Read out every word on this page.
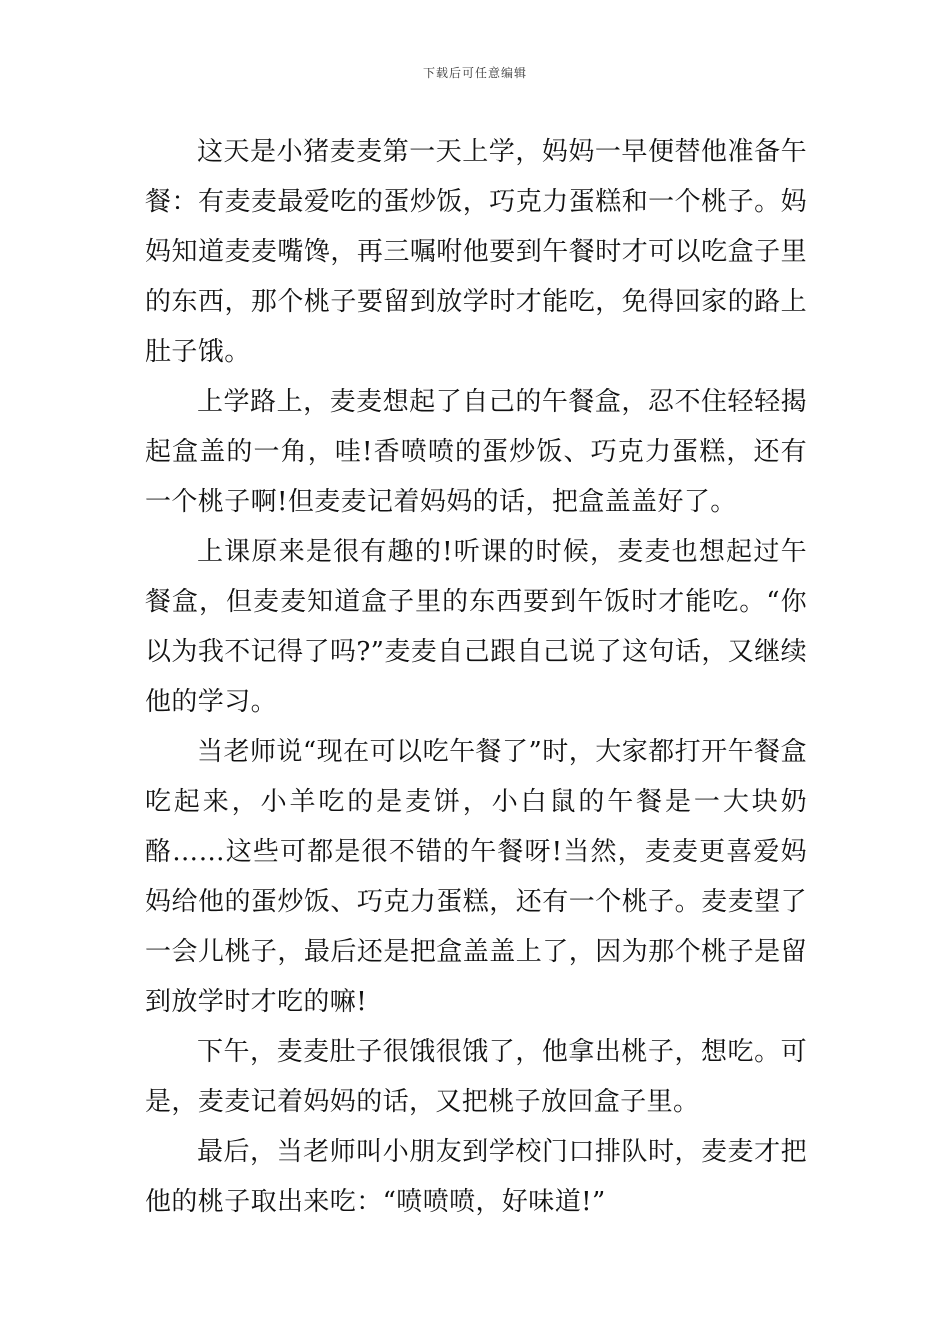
下载后可任意编辑

这天是小猪麦麦第一天上学，妈妈一早便替他准备午餐：有麦麦最爱吃的蛋炒饭，巧克力蛋糕和一个桃子。妈妈知道麦麦嘴馋，再三嘱咐他要到午餐时才可以吃盒子里的东西，那个桃子要留到放学时才能吃，免得回家的路上肚子饿。

上学路上，麦麦想起了自己的午餐盒，忍不住轻轻揭起盒盖的一角，哇!香喷喷的蛋炒饭、巧克力蛋糕，还有一个桃子啊!但麦麦记着妈妈的话，把盒盖盖好了。

上课原来是很有趣的!听课的时候，麦麦也想起过午餐盒，但麦麦知道盒子里的东西要到午饭时才能吃。“你以为我不记得了吗?”麦麦自己跟自己说了这句话，又继续他的学习。

当老师说“现在可以吃午餐了”时，大家都打开午餐盒吃起来，小羊吃的是麦饼，小白鼠的午餐是一大块奶酪……这些可都是很不错的午餐呀!当然，麦麦更喜爱妈妈给他的蛋炒饭、巧克力蛋糕，还有一个桃子。麦麦望了一会儿桃子，最后还是把盒盖盖上了，因为那个桃子是留到放学时才吃的嘛!

下午，麦麦肚子很饿很饿了，他拿出桃子，想吃。可是，麦麦记着妈妈的话，又把桃子放回盒子里。

最后，当老师叫小朋友到学校门口排队时，麦麦才把他的桃子取出来吃：“喷喷喷，好味道!”
